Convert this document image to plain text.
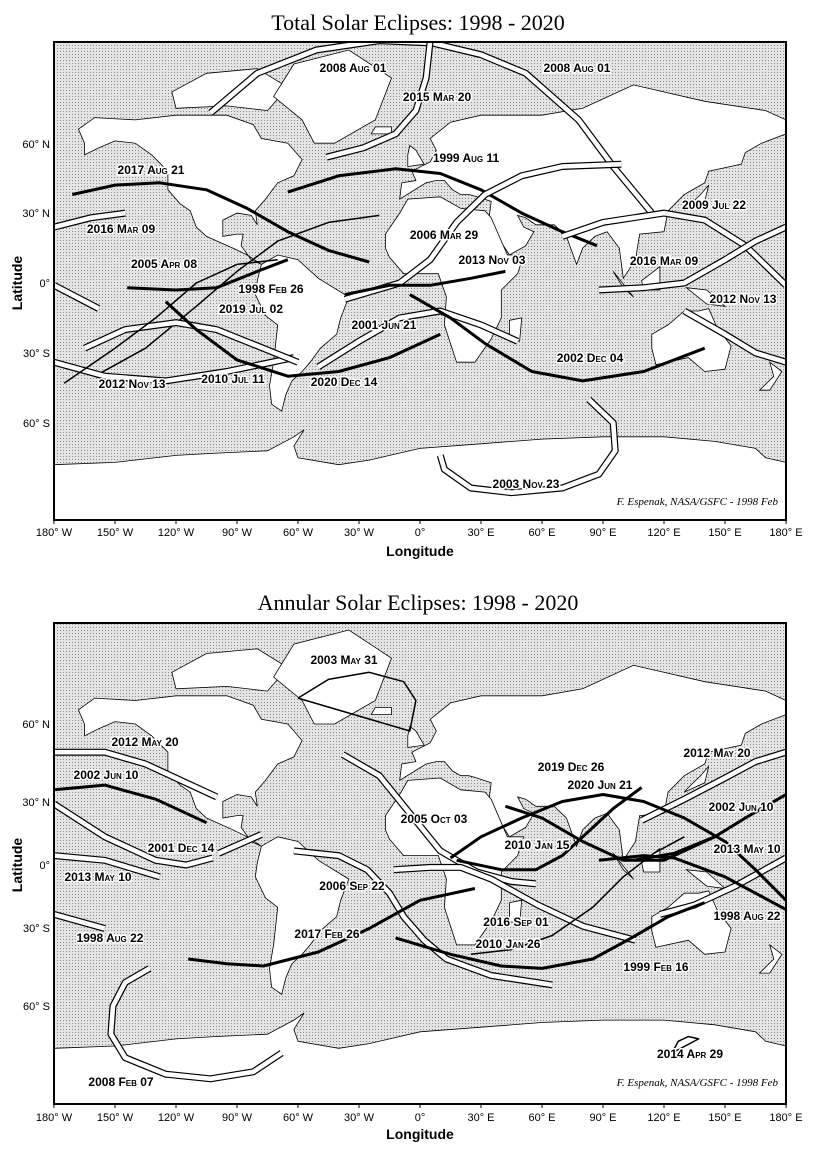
Total Solar Eclipses: 1998 - 2020
180° W 150° W 120° W	90° W	60° W	30° W	0°	30° E	60° E	90° E	120° E	150° E	180° E
60° N
30° N
0°
30° S
60° S
Longitude
Latitude
F. Espenak, NASA/GSFC - 1998 Feb
2008 Aug 01	2008 Aug 01
2015 Mar 20
1999 Aug 11
2017 Aug 21
2009 Jul 22
2016 Mar 09	2006 Mar 29
2013 Nov 03	2016 Mar 09
2005 Apr 08
1998 Feb 26
2012 Nov 13
2019 Jul 02
2001 Jun 21
2002 Dec 04
2012 Nov 13	2010 Jul 11	2020 Dec 14
2003 Nov 23
Annular Solar Eclipses: 1998 - 2020
180° W 150° W 120° W	90° W	60° W	30° W	0°	30° E	60° E	90° E	120° E	150° E	180° E
60° N
30° N
0°
30° S
60° S
Longitude
Latitude
F. Espenak, NASA/GSFC - 1998 Feb
2003 May 31
2012 May 20
2012 May 20
2019 Dec 26
2002 Jun 10
2020 Jun 21
2002 Jun 10
2005 Oct 03
2001 Dec 14	2010 Jan 15	2013 May 10
2013 May 10
2006 Sep 22
1998 Aug 22
2016 Sep 01
1998 Aug 22	2017 Feb 26
2010 Jan 26
1999 Feb 16
2014 Apr 29
2008 Feb 07
